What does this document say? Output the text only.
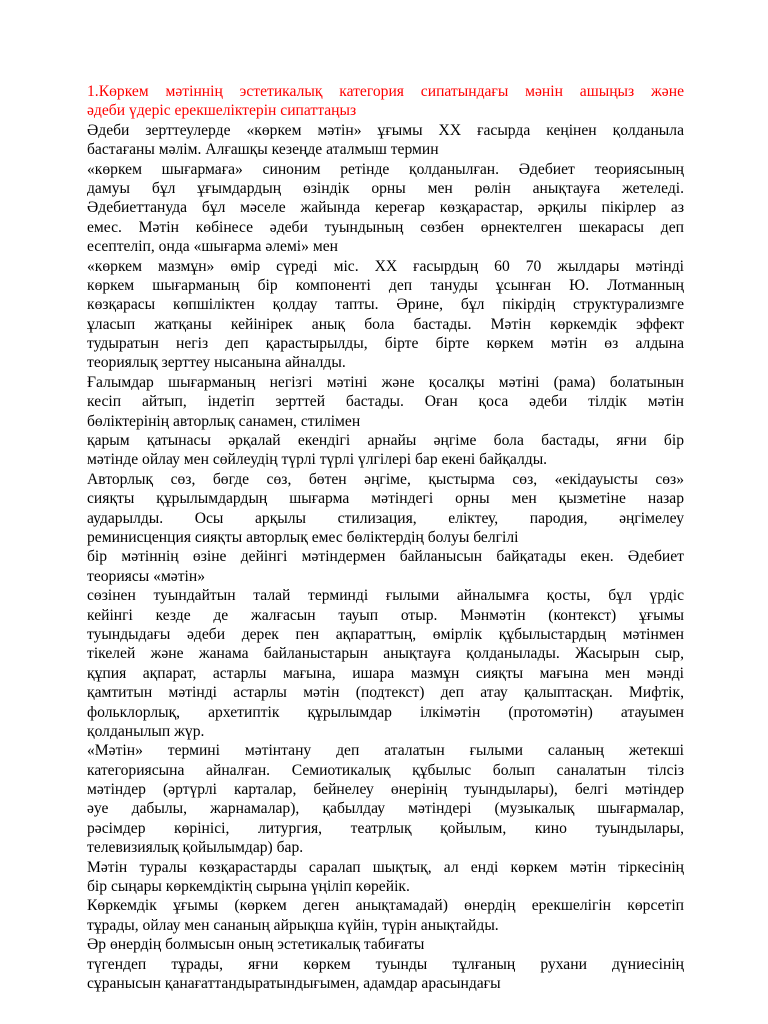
1.Көркем мәтіннің эстетикалық категория сипатындағы мәнін ашыңыз және
әдеби үдеріс ерекшеліктерін сипаттаңыз
Әдеби зерттеулерде «көркем мәтін» ұғымы ХХ ғасырда кеңінен қолданыла
бастағаны мәлім. Алғашқы кезеңде аталмыш термин
«көркем шығармаға» синоним ретінде қолданылған. Әдебиет теориясының
дамуы бұл ұғымдардың өзіндік орны мен рөлін анықтауға жетеледі.
Әдебиеттануда бұл мәселе жайында кереғар көзқарастар, әрқилы пікірлер аз
емес. Мәтін көбінесе әдеби туындының сөзбен өрнектелген шекарасы деп
есептеліп, онда «шығарма әлемі» мен
«көркем мазмұн» өмір сүреді міс. ХХ ғасырдың 60 70 жылдары мәтінді
көркем шығарманың бір компоненті деп тануды ұсынған Ю. Лотманның
көзқарасы көпшіліктен қолдау тапты. Әрине, бұл пікірдің структурализмге
ұласып жатқаны кейінірек анық бола бастады. Мәтін көркемдік эффект
тудыратын негіз деп қарастырылды, бірте бірте көркем мәтін өз алдына
теориялық зерттеу нысанына айналды.
Ғалымдар шығарманың негізгі мәтіні және қосалқы мәтіні (рама) болатынын
кесіп айтып, індетіп зерттей бастады. Оған қоса әдеби тілдік мәтін
бөліктерінің авторлық санамен, стилімен
қарым қатынасы әрқалай екендігі арнайы әңгіме бола бастады, яғни бір
мәтінде ойлау мен сөйлеудің түрлі түрлі үлгілері бар екені байқалды.
Авторлық сөз, бөгде сөз, бөтен әңгіме, қыстырма сөз, «екідауысты сөз»
сияқты құрылымдардың шығарма мәтіндегі орны мен қызметіне назар
аударылды. Осы арқылы стилизация, еліктеу, пародия, әңгімелеу
реминисценция сияқты авторлық емес бөліктердің болуы белгілі
бір мәтіннің өзіне дейінгі мәтіндермен байланысын байқатады екен. Әдебиет
теориясы «мәтін»
сөзінен туындайтын талай терминді ғылыми айналымға қосты, бұл үрдіс
кейінгі кезде де жалғасын тауып отыр. Мәнмәтін (контекст) ұғымы
туындыдағы әдеби дерек пен ақпараттың, өмірлік құбылыстардың мәтінмен
тікелей және жанама байланыстарын анықтауға қолданылады. Жасырын сыр,
құпия ақпарат, астарлы мағына, ишара мазмұн сияқты мағына мен мәнді
қамтитын мәтінді астарлы мәтін (подтекст) деп атау қалыптасқан. Мифтік,
фольклорлық, архетиптік құрылымдар ілкімәтін (протомәтін) атауымен
қолданылып жүр.
«Мәтін» термині мәтінтану деп аталатын ғылыми саланың жетекші
категориясына айналған. Семиотикалық құбылыс болып саналатын тілсіз
мәтіндер (әртүрлі карталар, бейнелеу өнерінің туындылары), белгі мәтіндер
әуе дабылы, жарнамалар), қабылдау мәтіндері (музыкалық шығармалар,
рәсімдер көрінісі, литургия, театрлық қойылым, кино туындылары,
телевизиялық қойылымдар) бар.
Мәтін туралы көзқарастарды саралап шықтық, ал енді көркем мәтін тіркесінің
бір сыңары көркемдіктің сырына үңіліп көрейік.
Көркемдік ұғымы (көркем деген анықтамадай) өнердің ерекшелігін көрсетіп
тұрады, ойлау мен сананың айрықша күйін, түрін анықтайды.
Әр өнердің болмысын оның эстетикалық табиғаты
түгендеп тұрады, яғни көркем туынды тұлғаның рухани дүниесінің
сұранысын қанағаттандыратындығымен, адамдар арасындағы
